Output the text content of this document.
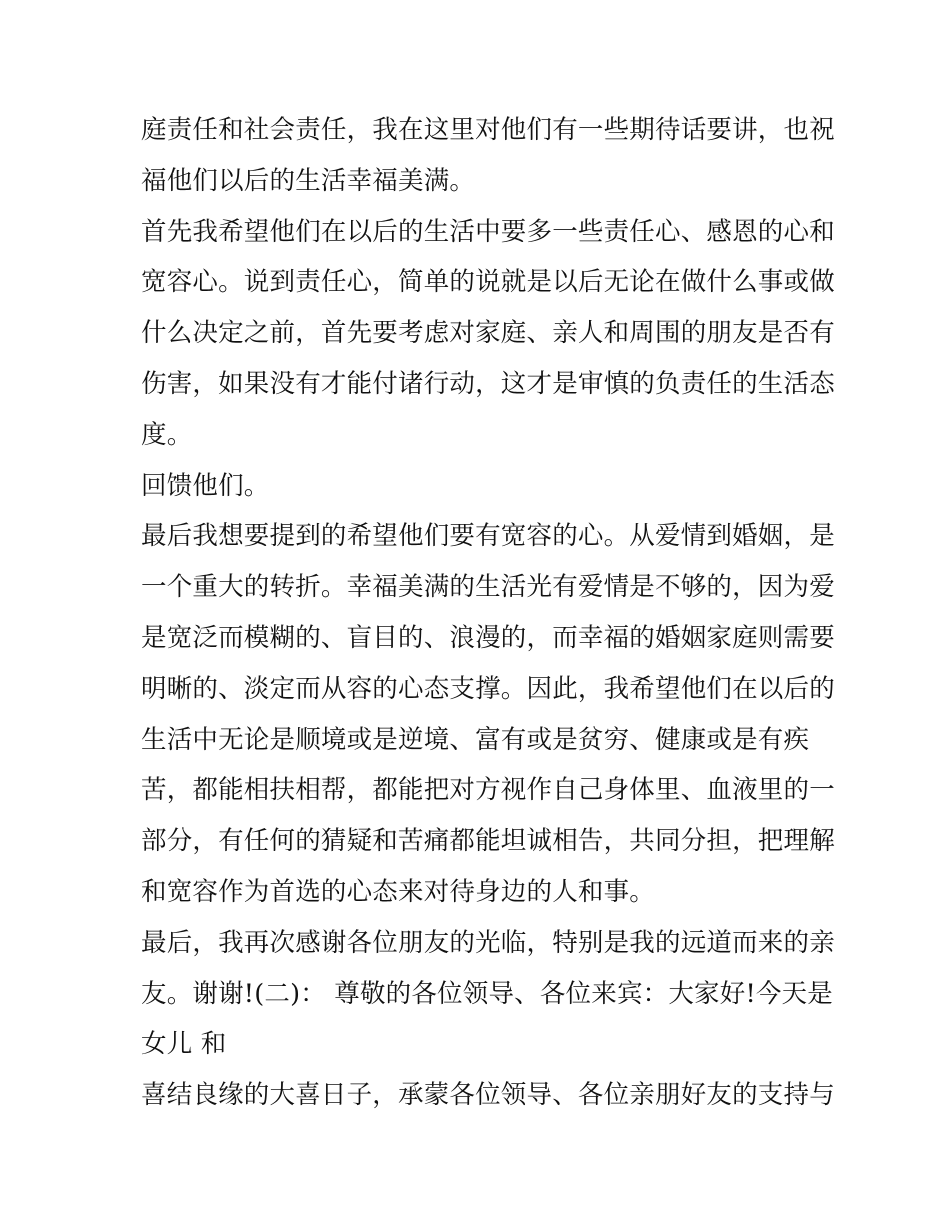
庭责任和社会责任，我在这里对他们有一些期待话要讲，也祝
福他们以后的生活幸福美满。
首先我希望他们在以后的生活中要多一些责任心、感恩的心和
宽容心。说到责任心，简单的说就是以后无论在做什么事或做
什么决定之前，首先要考虑对家庭、亲人和周围的朋友是否有
伤害，如果没有才能付诸行动，这才是审慎的负责任的生活态
度。
回馈他们。
最后我想要提到的希望他们要有宽容的心。从爱情到婚姻，是
一个重大的转折。幸福美满的生活光有爱情是不够的，因为爱
是宽泛而模糊的、盲目的、浪漫的，而幸福的婚姻家庭则需要
明晰的、淡定而从容的心态支撑。因此，我希望他们在以后的
生活中无论是顺境或是逆境、富有或是贫穷、健康或是有疾
苦，都能相扶相帮，都能把对方视作自己身体里、血液里的一
部分，有任何的猜疑和苦痛都能坦诚相告，共同分担，把理解
和宽容作为首选的心态来对待身边的人和事。
最后，我再次感谢各位朋友的光临，特别是我的远道而来的亲
友。谢谢!(二)： 尊敬的各位领导、各位来宾：大家好!今天是
女儿 和
喜结良缘的大喜日子，承蒙各位领导、各位亲朋好友的支持与
